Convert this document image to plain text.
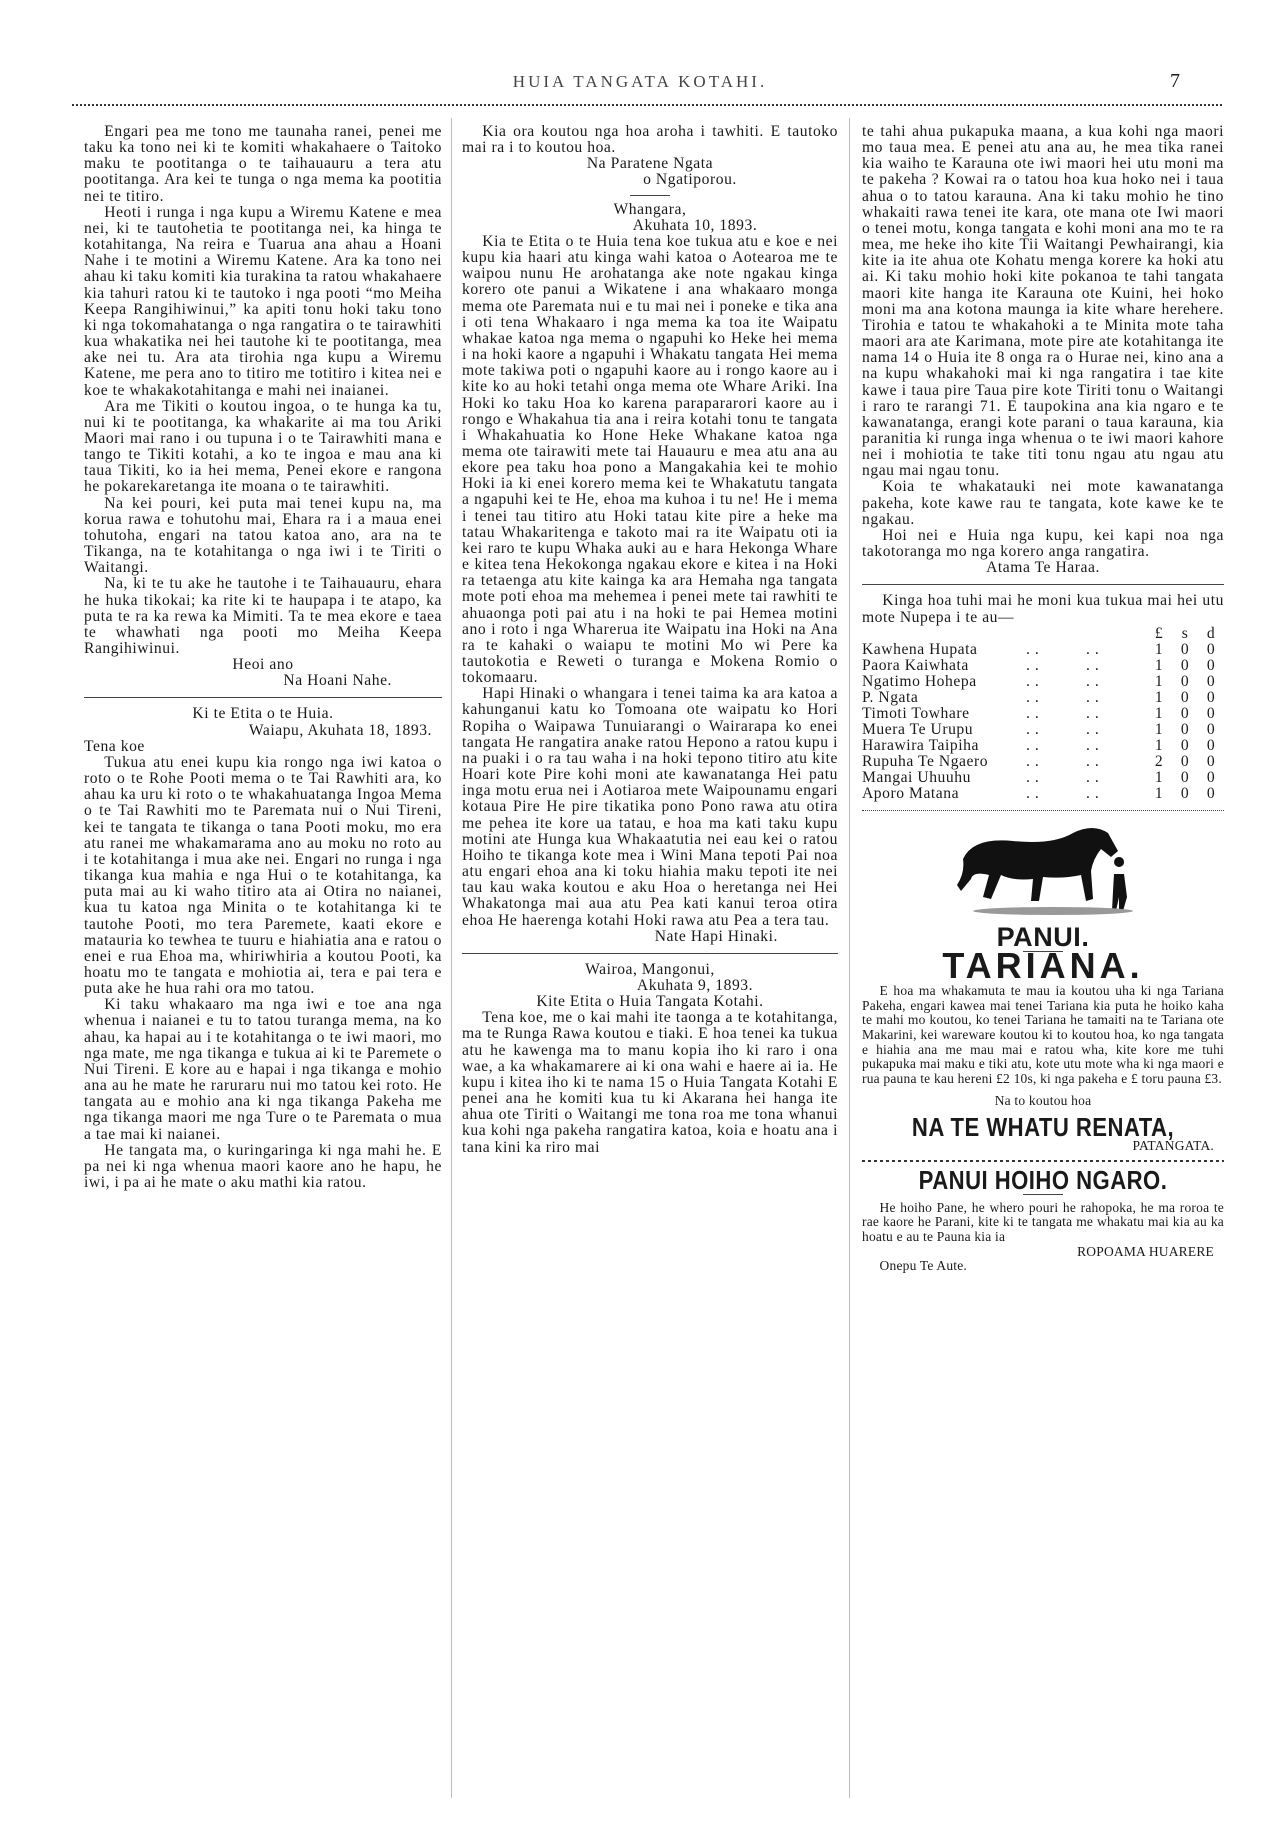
HUIA TANGATA KOTAHI.	7

Engari pea me tono me taunaha ranei, penei me taku ka tono nei ki te komiti whakahaere o Taitoko maku te pootitanga o te taihauauru a tera atu pootitanga. Ara kei te tunga o nga mema ka pootitia nei te titiro.

Heoti i runga i nga kupu a Wiremu Katene e mea nei, ki te tautohetia te pootitanga nei, ka hinga te kotahitanga, Na reira e Tuarua ana ahau a Hoani Nahe i te motini a Wiremu Katene. Ara ka tono nei ahau ki taku komiti kia turakina ta ratou whakahaere kia tahuri ratou ki te tautoko i nga pooti “mo Meiha Keepa Rangihiwinui,” ka apiti tonu hoki taku tono ki nga tokomahatanga o nga rangatira o te tairawhiti kua whakatika nei hei tautohe ki te pootitanga, mea ake nei tu. Ara ata tirohia nga kupu a Wiremu Katene, me pera ano to titiro me totitiro i kitea nei e koe te whakakotahitanga e mahi nei inaianei.

Ara me Tikiti o koutou ingoa, o te hunga ka tu, nui ki te pootitanga, ka whakarite ai ma tou Ariki Maori mai rano i ou tupuna i o te Tairawhiti mana e tango te Tikiti kotahi, a ko te ingoa e mau ana ki taua Tikiti, ko ia hei mema, Penei ekore e rangona he pokarekaretanga ite moana o te tairawhiti.

Na kei pouri, kei puta mai tenei kupu na, ma korua rawa e tohutohu mai, Ehara ra i a maua enei tohutoha, engari na tatou katoa ano, ara na te Tikanga, na te kotahitanga o nga iwi i te Tiriti o Waitangi.

Na, ki te tu ake he tautohe i te Taihauauru, ehara he huka tikokai; ka rite ki te haupapa i te atapo, ka puta te ra ka rewa ka Mimiti. Ta te mea ekore e taea te whawhati nga pooti mo Meiha Keepa Rangihiwinui.

Heoi ano

Na Hoani Nahe.

Ki te Etita o te Huia.

Waiapu, Akuhata 18, 1893.

Tena koe

Tukua atu enei kupu kia rongo nga iwi katoa o roto o te Rohe Pooti mema o te Tai Rawhiti ara, ko ahau ka uru ki roto o te whakahuatanga Ingoa Mema o te Tai Rawhiti mo te Paremata nui o Nui Tireni, kei te tangata te tikanga o tana Pooti moku, mo era atu ranei me whakamarama ano au moku no roto au i te kotahitanga i mua ake nei. Engari no runga i nga tikanga kua mahia e nga Hui o te kotahitanga, ka puta mai au ki waho titiro ata ai Otira no naianei, kua tu katoa nga Minita o te kotahitanga ki te tautohe Pooti, mo tera Paremete, kaati ekore e matauria ko tewhea te tuuru e hiahiatia ana e ratou o enei e rua Ehoa ma, whiriwhiria a koutou Pooti, ka hoatu mo te tangata e mohiotia ai, tera e pai tera e puta ake he hua rahi ora mo tatou.

Ki taku whakaaro ma nga iwi e toe ana nga whenua i naianei e tu to tatou turanga mema, na ko ahau, ka hapai au i te kotahitanga o te iwi maori, mo nga mate, me nga tikanga e tukua ai ki te Paremete o Nui Tireni. E kore au e hapai i nga tikanga e mohio ana au he mate he raruraru nui mo tatou kei roto. He tangata au e mohio ana ki nga tikanga Pakeha me nga tikanga maori me nga Ture o te Paremata o mua a tae mai ki naianei.

He tangata ma, o kuringaringa ki nga mahi he. E pa nei ki nga whenua maori kaore ano he hapu, he iwi, i pa ai he mate o aku mathi kia ratou.

Kia ora koutou nga hoa aroha i tawhiti. E tautoko mai ra i to koutou hoa.

Na Paratene Ngata

o Ngatiporou.

Whangara,

Akuhata 10, 1893.

Kia te Etita o te Huia tena koe tukua atu e koe e nei kupu kia haari atu kinga wahi katoa o Aotearoa me te waipou nunu He arohatanga ake note ngakau kinga korero ote panui a Wikatene i ana whakaaro monga mema ote Paremata nui e tu mai nei i poneke e tika ana i oti tena Whakaaro i nga mema ka toa ite Waipatu whakae katoa nga mema o ngapuhi ko Heke hei mema i na hoki kaore a ngapuhi i Whakatu tangata Hei mema mote takiwa poti o ngapuhi kaore au i rongo kaore au i kite ko au hoki tetahi onga mema ote Whare Ariki. Ina Hoki ko taku Hoa ko karena parapararori kaore au i rongo e Whakahua tia ana i reira kotahi tonu te tangata i Whakahuatia ko Hone Heke Whakane katoa nga mema ote tairawiti mete tai Hauauru e mea atu ana au ekore pea taku hoa pono a Mangakahia kei te mohio Hoki ia ki enei korero mema kei te Whakatutu tangata a ngapuhi kei te He, ehoa ma kuhoa i tu ne! He i mema i tenei tau titiro atu Hoki tatau kite pire a heke ma tatau Whakaritenga e takoto mai ra ite Waipatu oti ia kei raro te kupu Whaka auki au e hara Hekonga Whare e kitea tena Hekokonga ngakau ekore e kitea i na Hoki ra tetaenga atu kite kainga ka ara Hemaha nga tangata mote poti ehoa ma mehemea i penei mete tai rawhiti te ahuaonga poti pai atu i na hoki te pai Hemea motini ano i roto i nga Wharerua ite Waipatu ina Hoki na Ana ra te kahaki o waiapu te motini Mo wi Pere ka tautokotia e Reweti o turanga e Mokena Romio o tokomaaru.

Hapi Hinaki o whangara i tenei taima ka ara katoa a kahunganui katu ko Tomoana ote waipatu ko Hori Ropiha o Waipawa Tunuiarangi o Wairarapa ko enei tangata He rangatira anake ratou Hepono a ratou kupu i na puaki i o ra tau waha i na hoki tepono titiro atu kite Hoari kote Pire kohi moni ate kawanatanga Hei patu inga motu erua nei i Aotiaroa mete Waipounamu engari kotaua Pire He pire tikatika pono Pono rawa atu otira me pehea ite kore ua tatau, e hoa ma kati taku kupu motini ate Hunga kua Whakaatutia nei eau kei o ratou Hoiho te tikanga kote mea i Wini Mana tepoti Pai noa atu engari ehoa ana ki toku hiahia maku tepoti ite nei tau kau waka koutou e aku Hoa o heretanga nei Hei Whakatonga mai aua atu Pea kati kanui teroa otira ehoa He haerenga kotahi Hoki rawa atu Pea a tera tau.

Nate Hapi Hinaki.

Wairoa, Mangonui,

Akuhata 9, 1893.

Kite Etita o Huia Tangata Kotahi.

Tena koe, me o kai mahi ite taonga a te kotahitanga, ma te Runga Rawa koutou e tiaki. E hoa tenei ka tukua atu he kawenga ma to manu kopia iho ki raro i ona wae, a ka whakamarere ai ki ona wahi e haere ai ia. He kupu i kitea iho ki te nama 15 o Huia Tangata Kotahi E penei ana he komiti kua tu ki Akarana hei hanga ite ahua ote Tiriti o Waitangi me tona roa me tona whanui kua kohi nga pakeha rangatira katoa, koia e hoatu ana i tana kini ka riro mai

te tahi ahua pukapuka maana, a kua kohi nga maori mo taua mea. E penei atu ana au, he mea tika ranei kia waiho te Karauna ote iwi maori hei utu moni ma te pakeha ? Kowai ra o tatou hoa kua hoko nei i taua ahua o to tatou karauna. Ana ki taku mohio he tino whakaiti rawa tenei ite kara, ote mana ote Iwi maori o tenei motu, konga tangata e kohi moni ana mo te ra mea, me heke iho kite Tii Waitangi Pewhairangi, kia kite ia ite ahua ote Kohatu menga korere ka hoki atu ai. Ki taku mohio hoki kite pokanoa te tahi tangata maori kite hanga ite Karauna ote Kuini, hei hoko moni ma ana kotona maunga ia kite whare herehere. Tirohia e tatou te whakahoki a te Minita mote taha maori ara ate Karimana, mote pire ate kotahitanga ite nama 14 o Huia ite 8 onga ra o Hurae nei, kino ana a na kupu whakahoki mai ki nga rangatira i tae kite kawe i taua pire Taua pire kote Tiriti tonu o Waitangi i raro te rarangi 71. E taupokina ana kia ngaro e te kawanatanga, erangi kote parani o taua karauna, kia paranitia ki runga inga whenua o te iwi maori kahore nei i mohiotia te take titi tonu ngau atu ngau atu ngau mai ngau tonu.

Koia te whakatauki nei mote kawanatanga pakeha, kote kawe rau te tangata, kote kawe ke te ngakau.

Hoi nei e Huia nga kupu, kei kapi noa nga takotoranga mo nga korero anga rangatira.

Atama Te Haraa.

Kinga hoa tuhi mai he moni kua tukua mai hei utu mote Nupepa i te au—

			£	s	d
Kawhena Hupata	. .	. .	1	0	0
Paora Kaiwhata	. .	. .	1	0	0
Ngatimo Hohepa	. .	. .	1	0	0
P. Ngata	. .	. .	1	0	0
Timoti Towhare	. .	. .	1	0	0
Muera Te Urupu	. .	. .	1	0	0
Harawira Taipiha	. .	. .	1	0	0
Rupuha Te Ngaero	. .	. .	2	0	0
Mangai Uhuuhu	. .	. .	1	0	0
Aporo Matana	. .	. .	1	0	0
PANUI.
TARIANA.

E hoa ma whakamuta te mau ia koutou uha ki nga Tariana Pakeha, engari kawea mai tenei Tariana kia puta he hoiko kaha te mahi mo koutou, ko tenei Tariana he tamaiti na te Tariana ote Makarini, kei wareware koutou ki to koutou hoa, ko nga tangata e hiahia ana me mau mai e ratou wha, kite kore me tuhi pukapuka mai maku e tiki atu, kote utu mote wha ki nga maori e rua pauna te kau hereni £2 10s, ki nga pakeha e £ toru pauna £3.

Na to koutou hoa

NA TE WHATU RENATA,

PATANGATA.

PANUI HOIHO NGARO.

He hoiho Pane, he whero pouri he rahopoka, he ma roroa te rae kaore he Parani, kite ki te tangata me whakatu mai kia au ka hoatu e au te Pauna kia ia

ROPOAMA HUARERE

Onepu Te Aute.
